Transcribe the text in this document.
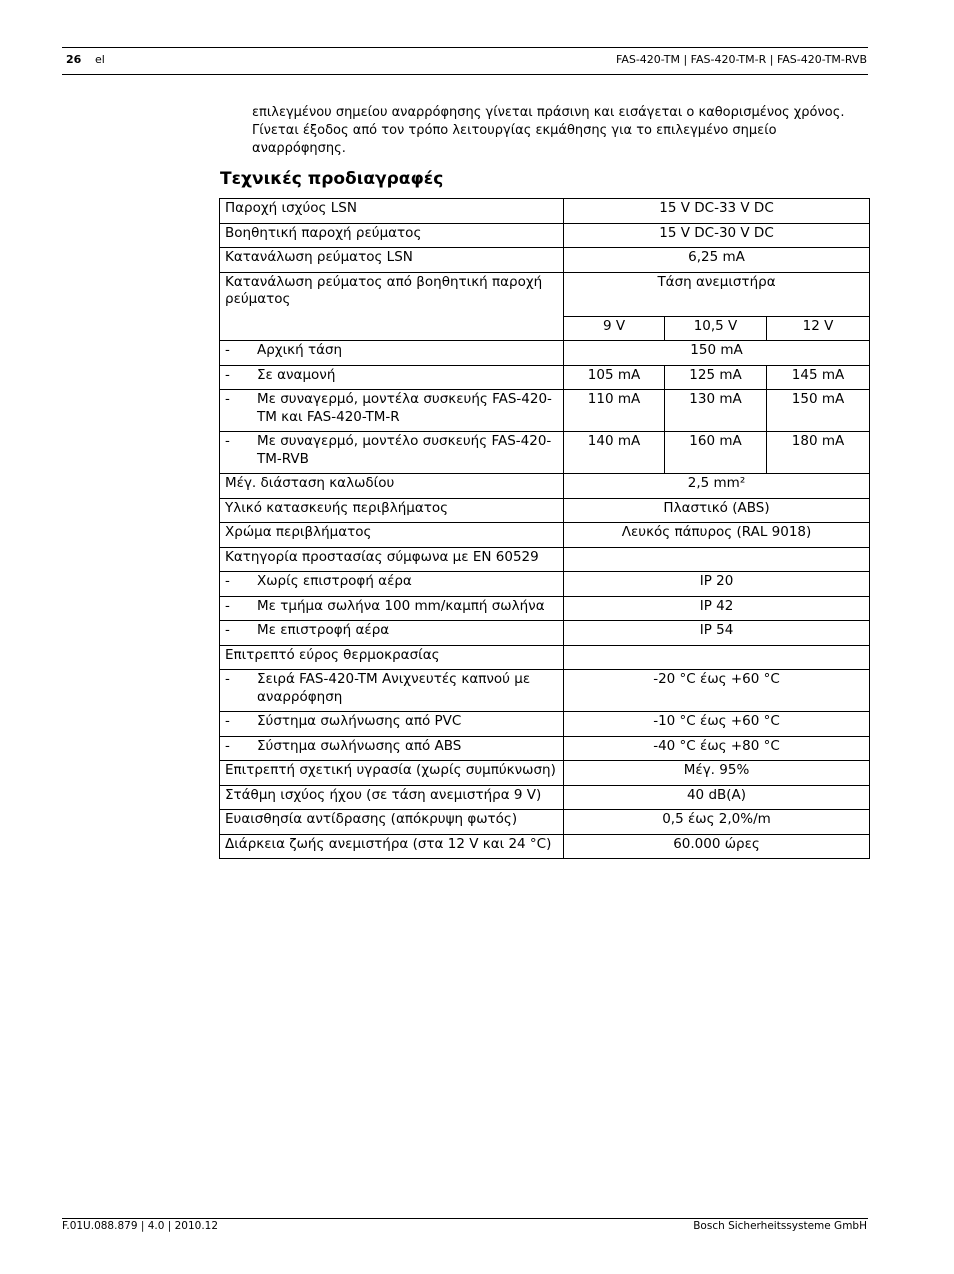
26 el	FAS-420-TM | FAS-420-TM-R | FAS-420-TM-RVB
επιλεγμένου σημείου αναρρόφησης γίνεται πράσινη και εισάγεται ο καθορισμένος χρόνος. Γίνεται έξοδος από τον τρόπο λειτουργίας εκμάθησης για το επιλεγμένο σημείο αναρρόφησης.
Τεχνικές προδιαγραφές
Παροχή ισχύος LSN	15 V DC-33 V DC		
Βοηθητική παροχή ρεύματος	15 V DC-30 V DC		
Κατανάλωση ρεύματος LSN	6,25 mA		
Κατανάλωση ρεύματος από βοηθητική παροχή ρεύματος	Τάση ανεμιστήρα		
	9 V	10,5 V	12 V

- Αρχική τάση	150 mA		

- Σε αναμονή	105 mA	125 mA	145 mA

- Με συναγερμό, μοντέλα συσκευής FAS-420-TM και FAS-420-TM-R	110 mA	130 mA	150 mA

- Με συναγερμό, μοντέλο συσκευής FAS-420-TM-RVB	140 mA	160 mA	180 mA
Μέγ. διάσταση καλωδίου	2,5 mm²		
Υλικό κατασκευής περιβλήματος	Πλαστικό (ABS)		
Χρώμα περιβλήματος	Λευκός πάπυρος (RAL 9018)		
Κατηγορία προστασίας σύμφωνα με EN 60529			

- Χωρίς επιστροφή αέρα	IP 20		

- Με τμήμα σωλήνα 100 mm/καμπή σωλήνα	IP 42		

- Με επιστροφή αέρα	IP 54		
Επιτρεπτό εύρος θερμοκρασίας			

- Σειρά FAS-420-TM Ανιχνευτές καπνού με αναρρόφηση	-20 °C έως +60 °C		

- Σύστημα σωλήνωσης από PVC	-10 °C έως +60 °C		

- Σύστημα σωλήνωσης από ABS	-40 °C έως +80 °C		
Επιτρεπτή σχετική υγρασία (χωρίς συμπύκνωση)	Μέγ. 95%		
Στάθμη ισχύος ήχου (σε τάση ανεμιστήρα 9 V)	40 dB(A)		
Ευαισθησία αντίδρασης (απόκρυψη φωτός)	0,5 έως 2,0%/m		
Διάρκεια ζωής ανεμιστήρα (στα 12 V και 24 °C)	60.000 ώρες		
F.01U.088.879 | 4.0 | 2010.12	Bosch Sicherheitssysteme GmbH
